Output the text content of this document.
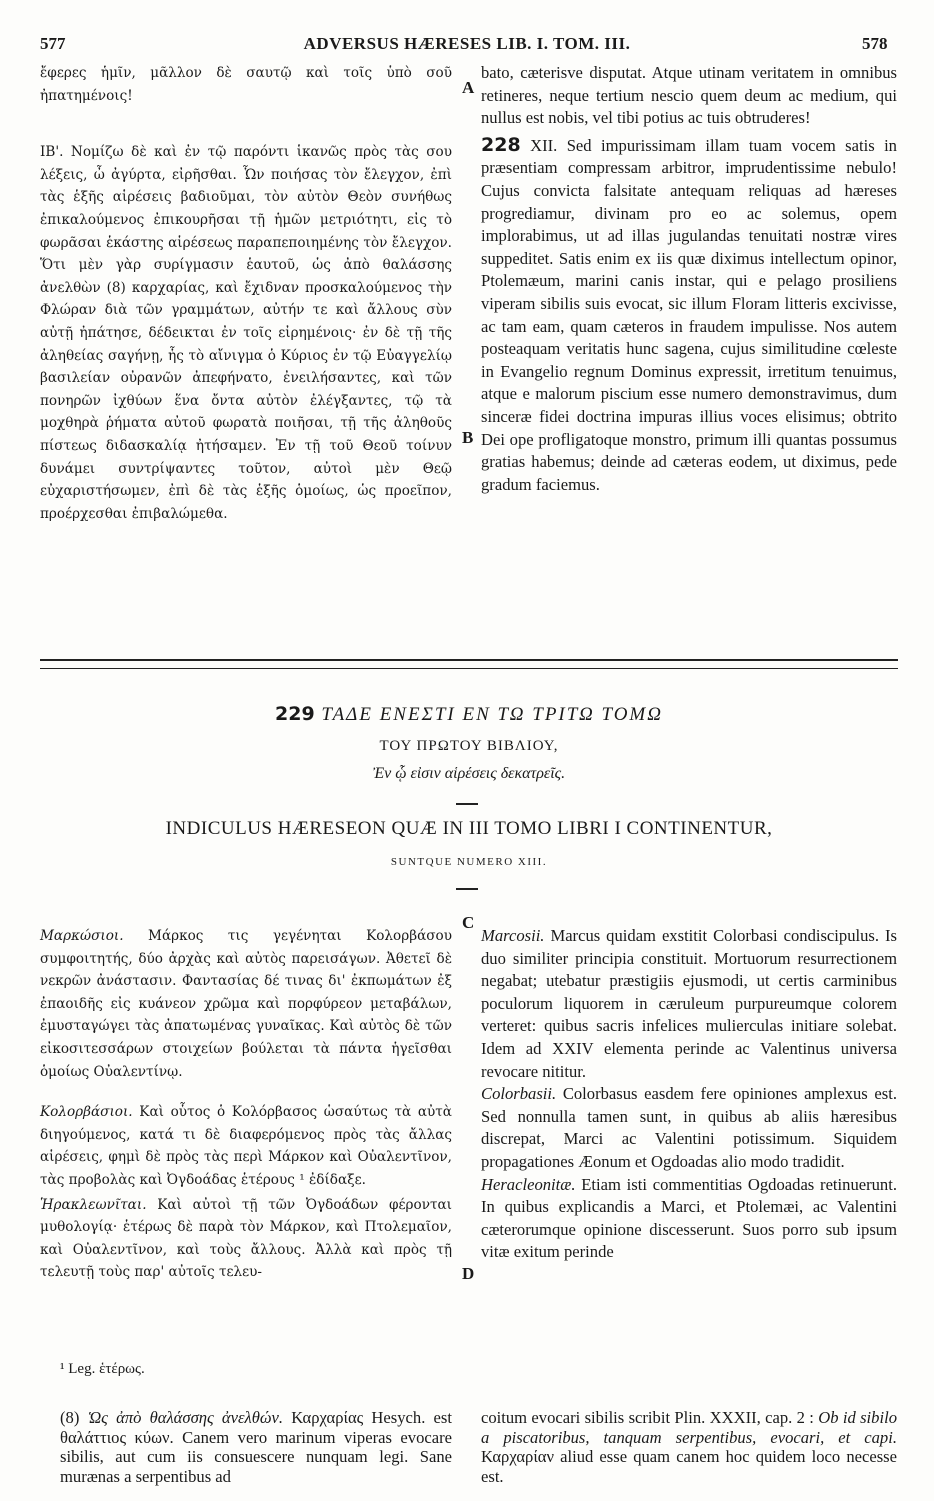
577	ADVERSUS HÆRESES LIB. I. TOM. III.	578

ἔφερες ἡμῖν, μᾶλλον δὲ σαυτῷ καὶ τοῖς ὑπὸ σοῦ ἠπατημένοις!

ΙΒ'. Νομίζω δὲ καὶ ἐν τῷ παρόντι ἱκανῶς πρὸς τὰς σου λέξεις, ὦ ἀγύρτα, εἰρῆσθαι. Ὧν ποιήσας τὸν ἔλεγχον, ἐπὶ τὰς ἑξῆς αἱρέσεις βαδιοῦμαι, τὸν αὐτὸν Θεὸν συνήθως ἐπικαλούμενος ἐπικουρῆσαι τῇ ἡμῶν μετριότητι, εἰς τὸ φωρᾶσαι ἑκάστης αἱρέσεως παραπεποιημένης τὸν ἔλεγχον. Ὅτι μὲν γὰρ συρίγμασιν ἑαυτοῦ, ὡς ἀπὸ θαλάσσης ἀνελθὼν (8) καρχαρίας, καὶ ἔχιδναν προσκαλούμενος τὴν Φλώραν διὰ τῶν γραμμάτων, αὐτήν τε καὶ ἄλλους σὺν αὐτῇ ἠπάτησε, δέδεικται ἐν τοῖς εἰρημένοις· ἐν δὲ τῇ τῆς ἀληθείας σαγήνῃ, ἧς τὸ αἴνιγμα ὁ Κύριος ἐν τῷ Εὐαγγελίῳ βασιλείαν οὐρανῶν ἀπεφήνατο, ἐνειλήσαντες, καὶ τῶν πονηρῶν ἰχθύων ἕνα ὄντα αὐτὸν ἐλέγξαντες, τῷ τὰ μοχθηρὰ ῥήματα αὐτοῦ φωρατὰ ποιῆσαι, τῇ τῆς ἀληθοῦς πίστεως διδασκαλίᾳ ἠτήσαμεν. Ἐν τῇ τοῦ Θεοῦ τοίνυν δυνάμει συντρίψαντες τοῦτον, αὐτοὶ μὲν Θεῷ εὐχαριστήσωμεν, ἐπὶ δὲ τὰς ἑξῆς ὁμοίως, ὡς προεῖπον, προέρχεσθαι ἐπιβαλώμεθα.

A
B
C
D

bato, cæterisve disputat. Atque utinam veritatem in omnibus retineres, neque tertium nescio quem deum ac medium, qui nullus est nobis, vel tibi potius ac tuis obtruderes!

228 XII. Sed impurissimam illam tuam vocem satis in præsentiam compressam arbitror, imprudentissime nebulo! Cujus convicta falsitate antequam reliquas ad hæreses progrediamur, divinam pro eo ac solemus, opem implorabimus, ut ad illas jugulandas tenuitati nostræ vires suppeditet. Satis enim ex iis quæ diximus intellectum opinor, Ptolemæum, marini canis instar, qui e pelago prosiliens viperam sibilis suis evocat, sic illum Floram litteris excivisse, ac tam eam, quam cæteros in fraudem impulisse. Nos autem posteaquam veritatis hunc sagena, cujus similitudine cœleste in Evangelio regnum Dominus expressit, irretitum tenuimus, atque e malorum piscium esse numero demonstravimus, dum sinceræ fidei doctrina impuras illius voces elisimus; obtrito Dei ope profligatoque monstro, primum illi quantas possumus gratias habemus; deinde ad cæteras eodem, ut diximus, pede gradum faciemus.

229 ΤΑΔΕ ΕΝΕΣΤΙ ΕΝ ΤΩ ΤΡΙΤΩ ΤΟΜΩ
ΤΟΥ ΠΡΩΤΟΥ ΒΙΒΛΙΟΥ,
Ἐν ᾧ εἰσιν αἱρέσεις δεκατρεῖς.
INDICULUS HÆRESEON QUÆ IN III TOMO LIBRI I CONTINENTUR,
SUNTQUE NUMERO XIII.

Μαρκώσιοι. Μάρκος τις γεγένηται Κολορβάσου συμφοιτητής, δύο ἀρχὰς καὶ αὐτὸς παρεισάγων. Ἀθετεῖ δὲ νεκρῶν ἀνάστασιν. Φαντασίας δέ τινας δι' ἐκπωμάτων ἐξ ἐπαοιδῆς εἰς κυάνεον χρῶμα καὶ πορφύρεον μεταβάλων, ἐμυσταγώγει τὰς ἀπατωμένας γυναῖκας. Καὶ αὐτὸς δὲ τῶν εἰκοσιτεσσάρων στοιχείων βούλεται τὰ πάντα ἡγεῖσθαι ὁμοίως Οὐαλεντίνῳ.

Κολορβάσιοι. Καὶ οὗτος ὁ Κολόρβασος ὡσαύτως τὰ αὐτὰ διηγούμενος, κατά τι δὲ διαφερόμενος πρὸς τὰς ἄλλας αἱρέσεις, φημὶ δὲ πρὸς τὰς περὶ Μάρκον καὶ Οὐαλεντῖνον, τὰς προβολὰς καὶ Ὀγδοάδας ἑτέρους ¹ ἐδίδαξε.

Ἡρακλεωνῖται. Καὶ αὐτοὶ τῇ τῶν Ὀγδοάδων φέρονται μυθολογίᾳ· ἑτέρως δὲ παρὰ τὸν Μάρκον, καὶ Πτολεμαῖον, καὶ Οὐαλεντῖνον, καὶ τοὺς ἄλλους. Ἀλλὰ καὶ πρὸς τῇ τελευτῇ τοὺς παρ' αὐτοῖς τελευ-

Marcosii. Marcus quidam exstitit Colorbasi condiscipulus. Is duo similiter principia constituit. Mortuorum resurrectionem negabat; utebatur præstigiis ejusmodi, ut certis carminibus poculorum liquorem in cæruleum purpureumque colorem verteret: quibus sacris infelices mulierculas initiare solebat. Idem ad XXIV elementa perinde ac Valentinus universa revocare nititur.

Colorbasii. Colorbasus easdem fere opiniones amplexus est. Sed nonnulla tamen sunt, in quibus ab aliis hæresibus discrepat, Marci ac Valentini potissimum. Siquidem propagationes Æonum et Ogdoadas alio modo tradidit.

Heracleonitæ. Etiam isti commentitias Ogdoadas retinuerunt. In quibus explicandis a Marci, et Ptolemæi, ac Valentini cæterorumque opinione discesserunt. Suos porro sub ipsum vitæ exitum perinde

¹ Leg. ἑτέρως.
(8) Ὡς ἀπὸ θαλάσσης ἀνελθών. Καρχαρίας Hesych. est θαλάττιος κύων. Canem vero marinum viperas evocare sibilis, aut cum iis consuescere nunquam legi. Sane murænas a serpentibus ad
coitum evocari sibilis scribit Plin. XXXII, cap. 2 : Ob id sibilo a piscatoribus, tanquam serpentibus, evocari, et capi. Καρχαρίαν aliud esse quam canem hoc quidem loco necesse est.
